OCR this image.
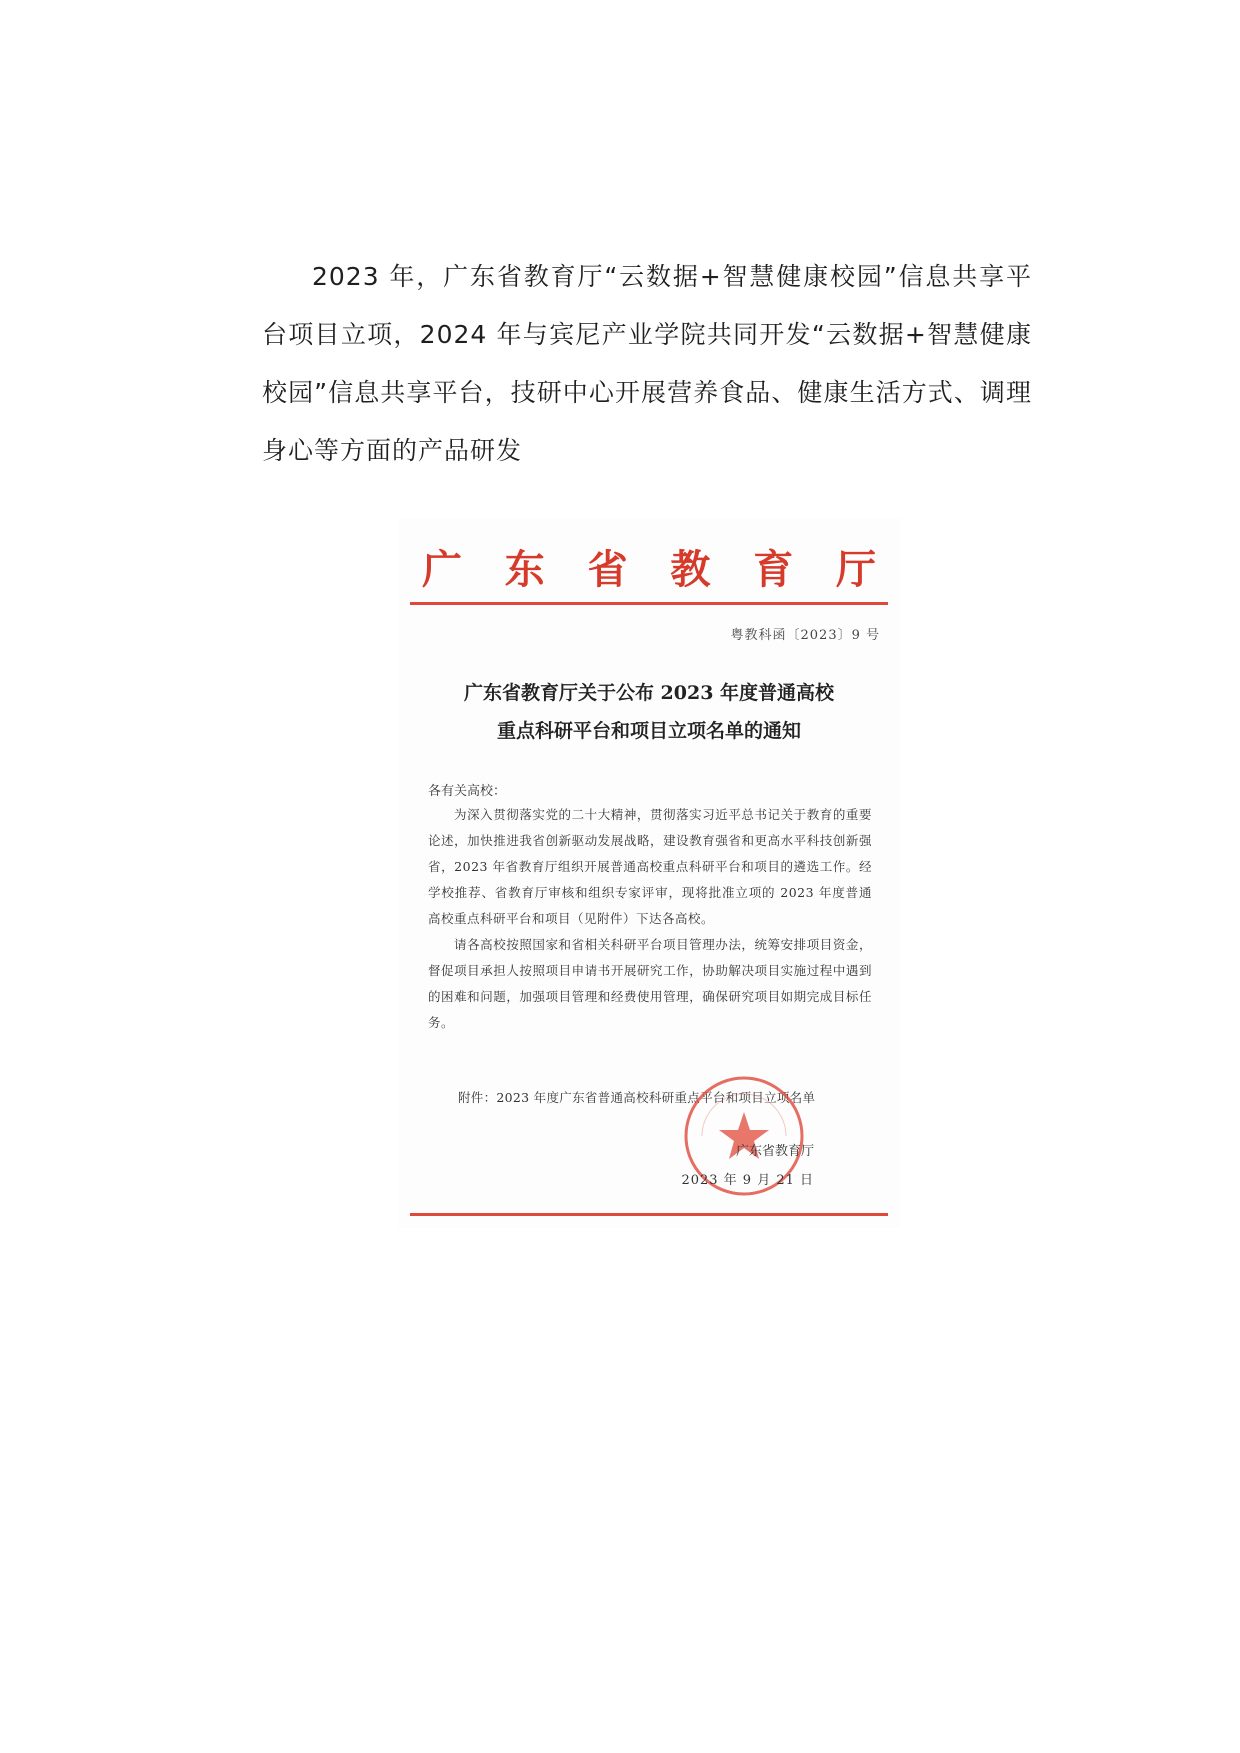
2023 年，广东省教育厅“云数据+智慧健康校园”信息共享平台项目立项，2024 年与宾尼产业学院共同开发“云数据+智慧健康校园”信息共享平台，技研中心开展营养食品、健康生活方式、调理身心等方面的产品研发

广 东 省 教 育 厅
粤教科函〔2023〕9 号
广东省教育厅关于公布 2023 年度普通高校
重点科研平台和项目立项名单的通知
各有关高校：

为深入贯彻落实党的二十大精神，贯彻落实习近平总书记关于教育的重要论述，加快推进我省创新驱动发展战略，建设教育强省和更高水平科技创新强省，2023 年省教育厅组织开展普通高校重点科研平台和项目的遴选工作。经学校推荐、省教育厅审核和组织专家评审，现将批准立项的 2023 年度普通高校重点科研平台和项目（见附件）下达各高校。

请各高校按照国家和省相关科研平台项目管理办法，统筹安排项目资金，督促项目承担人按照项目申请书开展研究工作，协助解决项目实施过程中遇到的困难和问题，加强项目管理和经费使用管理，确保研究项目如期完成目标任务。

附件：2023 年度广东省普通高校科研重点平台和项目立项名单
广东省教育厅
2023 年 9 月 21 日
